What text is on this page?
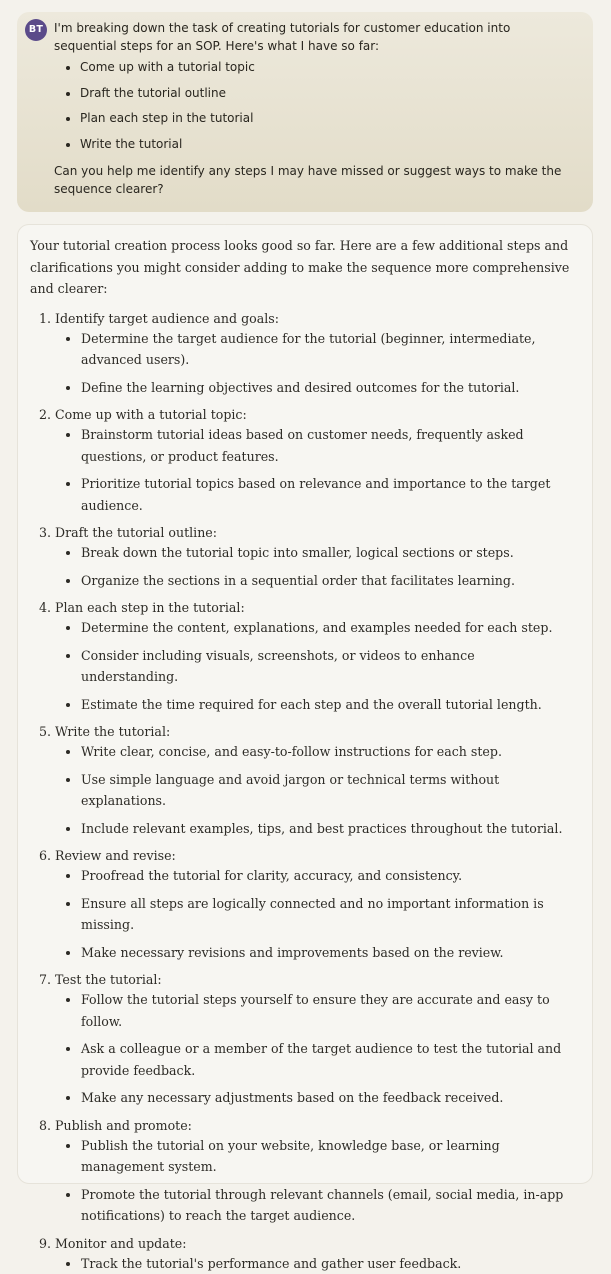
BT I'm breaking down the task of creating tutorials for customer education into sequential steps for an SOP. Here's what I have so far:

• Come up with a tutorial topic
• Draft the tutorial outline
• Plan each step in the tutorial
• Write the tutorial

Can you help me identify any steps I may have missed or suggest ways to make the sequence clearer?

Your tutorial creation process looks good so far. Here are a few additional steps and clarifications you might consider adding to make the sequence more comprehensive and clearer:

1. Identify target audience and goals:
• Determine the target audience for the tutorial (beginner, intermediate, advanced users).
• Define the learning objectives and desired outcomes for the tutorial.
2. Come up with a tutorial topic:
• Brainstorm tutorial ideas based on customer needs, frequently asked questions, or product features.
• Prioritize tutorial topics based on relevance and importance to the target audience.
3. Draft the tutorial outline:
• Break down the tutorial topic into smaller, logical sections or steps.
• Organize the sections in a sequential order that facilitates learning.
4. Plan each step in the tutorial:
• Determine the content, explanations, and examples needed for each step.
• Consider including visuals, screenshots, or videos to enhance understanding.
• Estimate the time required for each step and the overall tutorial length.
5. Write the tutorial:
• Write clear, concise, and easy-to-follow instructions for each step.
• Use simple language and avoid jargon or technical terms without explanations.
• Include relevant examples, tips, and best practices throughout the tutorial.
6. Review and revise:
• Proofread the tutorial for clarity, accuracy, and consistency.
• Ensure all steps are logically connected and no important information is missing.
• Make necessary revisions and improvements based on the review.
7. Test the tutorial:
• Follow the tutorial steps yourself to ensure they are accurate and easy to follow.
• Ask a colleague or a member of the target audience to test the tutorial and provide feedback.
• Make any necessary adjustments based on the feedback received.
8. Publish and promote:
• Publish the tutorial on your website, knowledge base, or learning management system.
• Promote the tutorial through relevant channels (email, social media, in-app notifications) to reach the target audience.
9. Monitor and update:
• Track the tutorial's performance and gather user feedback.
